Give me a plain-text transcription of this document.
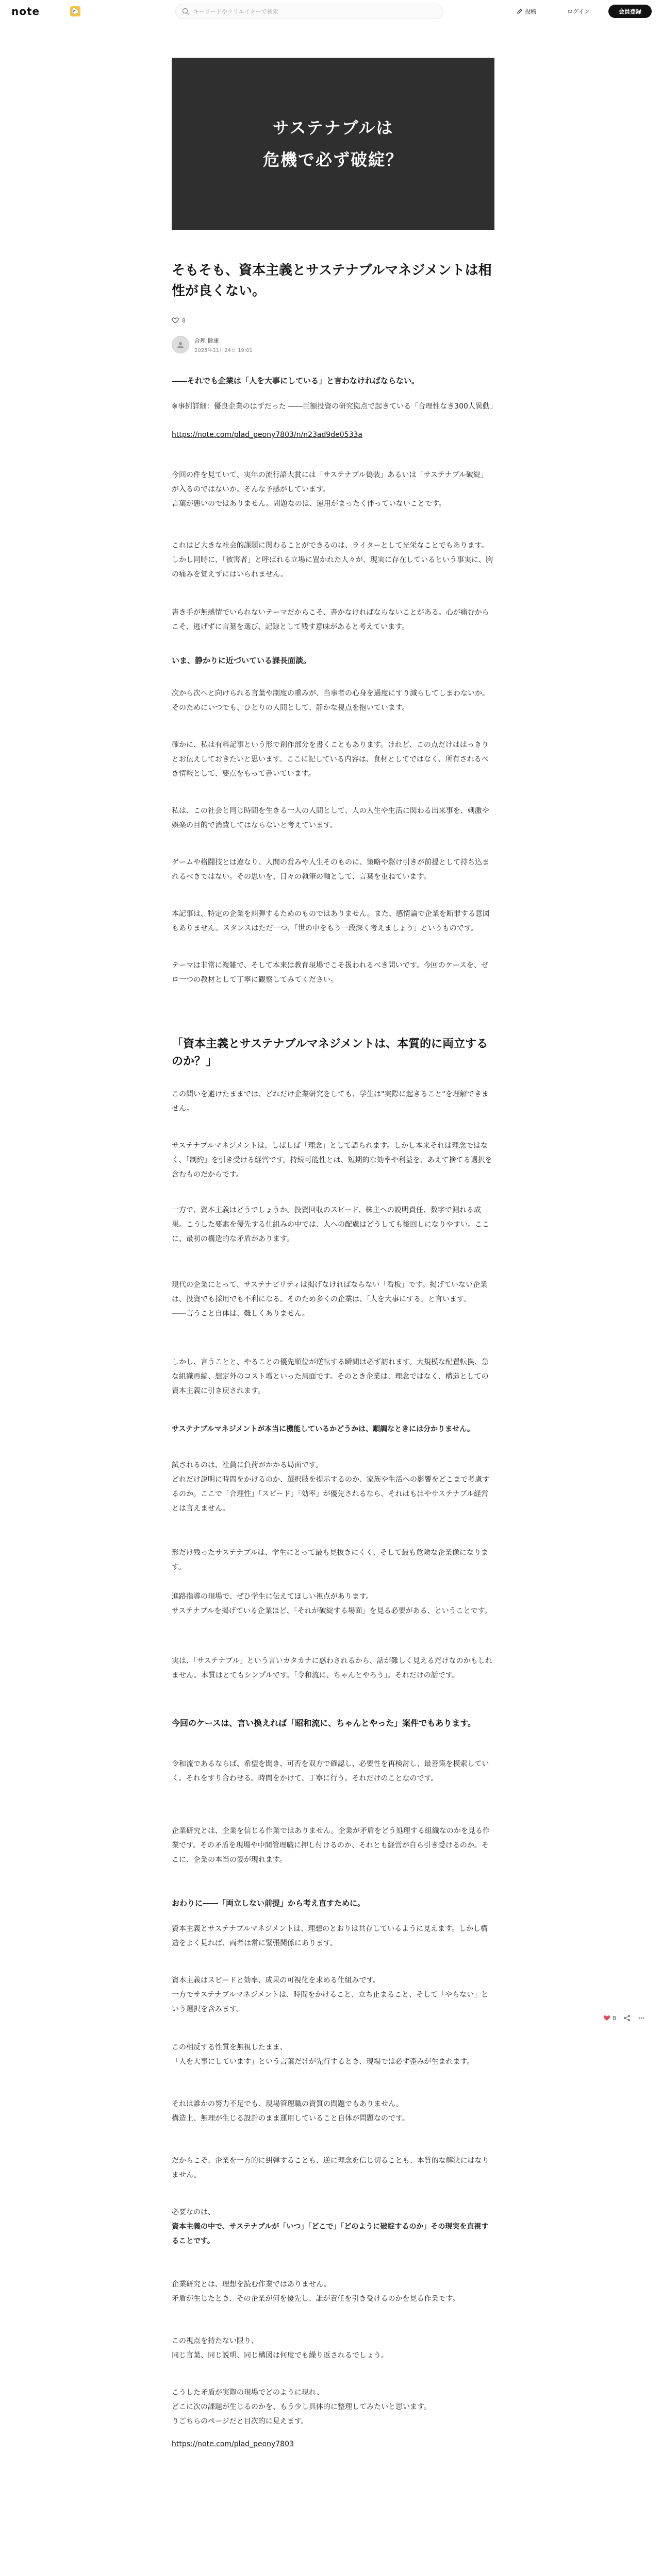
note	🐑
キーワードやクリエイターで検索	投稿	ログイン	会員登録
サステナブルは
危機で必ず破綻？
そもそも、資本主義とサステナブルマネジメントは相性が良くない。
8
合理 健康
2025年11月24日 19:01
――それでも企業は「人を大事にしている」と言わなければならない。
※事例詳細：優良企業のはずだった ――巨額投資の研究拠点で起きている「合理性なき300人異動」
https://note.com/plad_peony7803/n/n23ad9de0533a
今回の件を見ていて、実年の流行語大賞には「サステナブル偽装」あるいは「サステナブル破綻」が入るのではないか。そんな予感がしています。
言葉が悪いのではありません。問題なのは、運用がまったく伴っていないことです。
これはビ大きな社会的課題に関わることができるのは、ライターとして光栄なことでもあります。しかし同時に、「被害者」と呼ばれる立場に置かれた人々が、現実に存在しているという事実に、胸の痛みを覚えずにはいられません。
書き手が無感情でいられないテーマだからこそ、書かなければならないことがある。心が痛むからこそ、逃げずに言葉を選び、記録として残す意味があると考えています。
いま、静かりに近づいている課長面談。
次から次へと向けられる言葉や制度の重みが、当事者の心身を過度にすり減らしてしまわないか。そのためにいつでも、ひとりの人間として、静かな視点を抱いています。
確かに、私は有料記事という形で創作部分を書くこともあります。けれど、この点だけははっきりとお伝えしておきたいと思います。ここに記している内容は、食材としてではなく、所有されるべき情報として、要点をもって書いています。
私は、この社会と同じ時間を生きる一人の人間として、人の人生や生活に関わる出来事を、刺激や娯楽の目的で消費してはならないと考えています。
ゲームや格闘技とは違なり、人間の営みや人生そのものに、策略や駆け引きが前提として持ち込まれるべきではない。その思いを、日々の執筆の軸として、言葉を重ねています。
本記事は、特定の企業を糾弾するためのものではありません。また、感情論で企業を断罪する意図もありません。スタンスはただ一つ、「世の中をもう一段深く考えましょう」というものです。
テーマは非常に複雑で、そして本来は教育現場でこそ扱われるべき問いです。今回のケースを、ゼロ一つの教材として丁寧に観察してみてください。
「資本主義とサステナブルマネジメントは、本質的に両立するのか？」
この問いを避けたままでは、どれだけ企業研究をしても、学生は"実際に起きること"を理解できません。
サステナブルマネジメントは、しばしば「理念」として語られます。しかし本来それは理念ではなく、「制約」を引き受ける経営です。持続可能性とは、短期的な効率や利益を、あえて捨てる選択を含むものだからです。
一方で、資本主義はどうでしょうか。投資回収のスピード、株主への説明責任、数字で測れる成果。こうした要素を優先する仕組みの中では、人への配慮はどうしても後回しになりやすい。ここに、最初の構造的な矛盾があります。
現代の企業にとって、サステナビリティは掲げなければならない「看板」です。掲げていない企業は、投資でも採用でも不利になる。そのため多くの企業は、「人を大事にする」と言います。
――言うこと自体は、難しくありません。
しかし、言うことと、やることの優先順位が逆転する瞬間は必ず訪れます。大規模な配置転換、急な組織再編、想定外のコスト増といった局面です。そのとき企業は、理念ではなく、構造としての資本主義に引き戻されます。
サステナブルマネジメントが本当に機能しているかどうかは、順調なときには分かりません。
試されるのは、社員に負荷がかかる局面です。
どれだけ説明に時間をかけるのか、選択肢を提示するのか、家族や生活への影響をどこまで考慮するのか。ここで「合理性」「スピード」「効率」が優先されるなら、それはもはやサステナブル経営とは言えません。
形だけ残ったサステナブルは、学生にとって最も見抜きにくく、そして最も危険な企業像になります。
進路指導の現場で、ぜひ学生に伝えてほしい視点があります。
サステナブルを掲げている企業ほど、「それが破綻する場面」を見る必要がある、ということです。
実は、「サステナブル」という言いカタカナに惑わされるから、話が難しく見えるだけなのかもしれません。本質はとてもシンプルです。「令和流に、ちゃんとやろう」。それだけの話です。
今回のケースは、言い換えれば「昭和流に、ちゃんとやった」案件でもあります。
令和流であるならば、希望を聞き、可否を双方で確認し、必要性を再検討し、最善策を模索していく。それをすり合わせる。時間をかけて、丁寧に行う。それだけのことなのです。
企業研究とは、企業を信じる作業ではありません。企業が矛盾をどう処理する組織なのかを見る作業です。その矛盾を現場や中間管理職に押し付けるのか、それとも経営が自ら引き受けるのか。そこに、企業の本当の姿が現れます。
おわりに――「両立しない前提」から考え直すために。
資本主義とサステナブルマネジメントは、理想のとおりは共存しているように見えます。しかし構造をよく見れば、両者は常に緊張関係にあります。
資本主義はスピードと効率、成果の可視化を求める仕組みです。
一方でサステナブルマネジメントは、時間をかけること、立ち止まること、そして「やらない」という選択を含みます。
この相反する性質を無視したまま、
「人を大事にしています」という言葉だけが先行するとき、現場では必ず歪みが生まれます。
それは誰かの努力不足でも、現場管理職の資質の問題でもありません。
構造上、無理が生じる設計のまま運用していること自体が問題なのです。
だからこそ、企業を一方的に糾弾することも、逆に理念を信じ切ることも、本質的な解決にはなりません。
必要なのは、
資本主義の中で、サステナブルが「いつ」「どこで」「どのように破綻するのか」その現実を直視することです。
企業研究とは、理想を読む作業ではありません。
矛盾が生じたとき、その企業が何を優先し、誰が責任を引き受けるのかを見る作業です。
この視点を持たない限り、
同じ言葉、同じ説明、同じ構図は何度でも繰り返されるでしょう。
こうした矛盾が実際の現場でどのように現れ、
どこに次の課題が生じるのかを、もう少し具体的に整理してみたいと思います。
りごちらのページだと目次的に見えます。
https://note.com/plad_peony7803
8
